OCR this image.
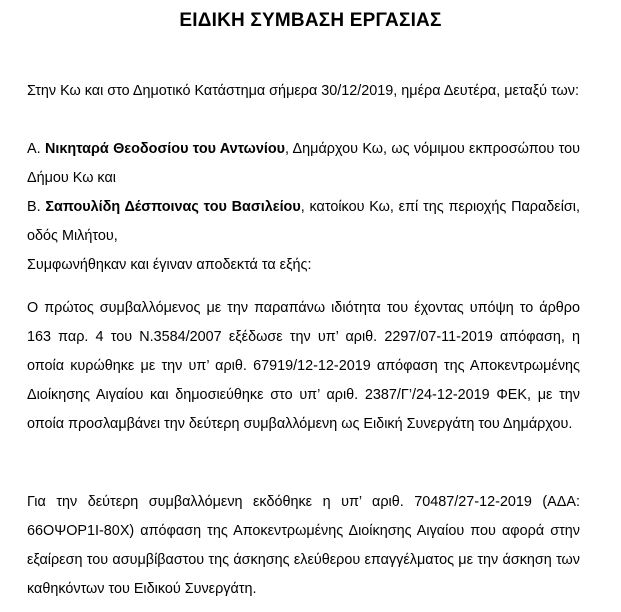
ΕΙΔΙΚΗ ΣΥΜΒΑΣΗ ΕΡΓΑΣΙΑΣ
Στην Κω και στο Δημοτικό Κατάστημα σήμερα 30/12/2019, ημέρα Δευτέρα, μεταξύ των:
Α. Νικηταρά Θεοδοσίου του Αντωνίου, Δημάρχου Κω, ως νόμιμου εκπροσώπου του Δήμου Κω και
Β. Σαπουλίδη Δέσποινας του Βασιλείου, κατοίκου Κω, επί της περιοχής Παραδείσι, οδός Μιλήτου,
Συμφωνήθηκαν και έγιναν αποδεκτά τα εξής:
Ο πρώτος συμβαλλόμενος με την παραπάνω ιδιότητα του έχοντας υπόψη το άρθρο 163 παρ. 4 του Ν.3584/2007 εξέδωσε την υπ’ αριθ. 2297/07-11-2019 απόφαση, η οποία κυρώθηκε με την υπ’ αριθ. 67919/12-12-2019 απόφαση της Αποκεντρωμένης Διοίκησης Αιγαίου και δημοσιεύθηκε στο υπ’ αριθ. 2387/Γ’/24-12-2019 ΦΕΚ, με την οποία προσλαμβάνει την δεύτερη συμβαλλόμενη ως Ειδική Συνεργάτη του Δημάρχου.
Για την δεύτερη συμβαλλόμενη εκδόθηκε η υπ’ αριθ. 70487/27-12-2019 (ΑΔΑ: 66ΟΨΟΡ1Ι-80Χ) απόφαση της Αποκεντρωμένης Διοίκησης Αιγαίου που αφορά στην εξαίρεση του ασυμβίβαστου της άσκησης ελεύθερου επαγγέλματος με την άσκηση των καθηκόντων του Ειδικού Συνεργάτη.
